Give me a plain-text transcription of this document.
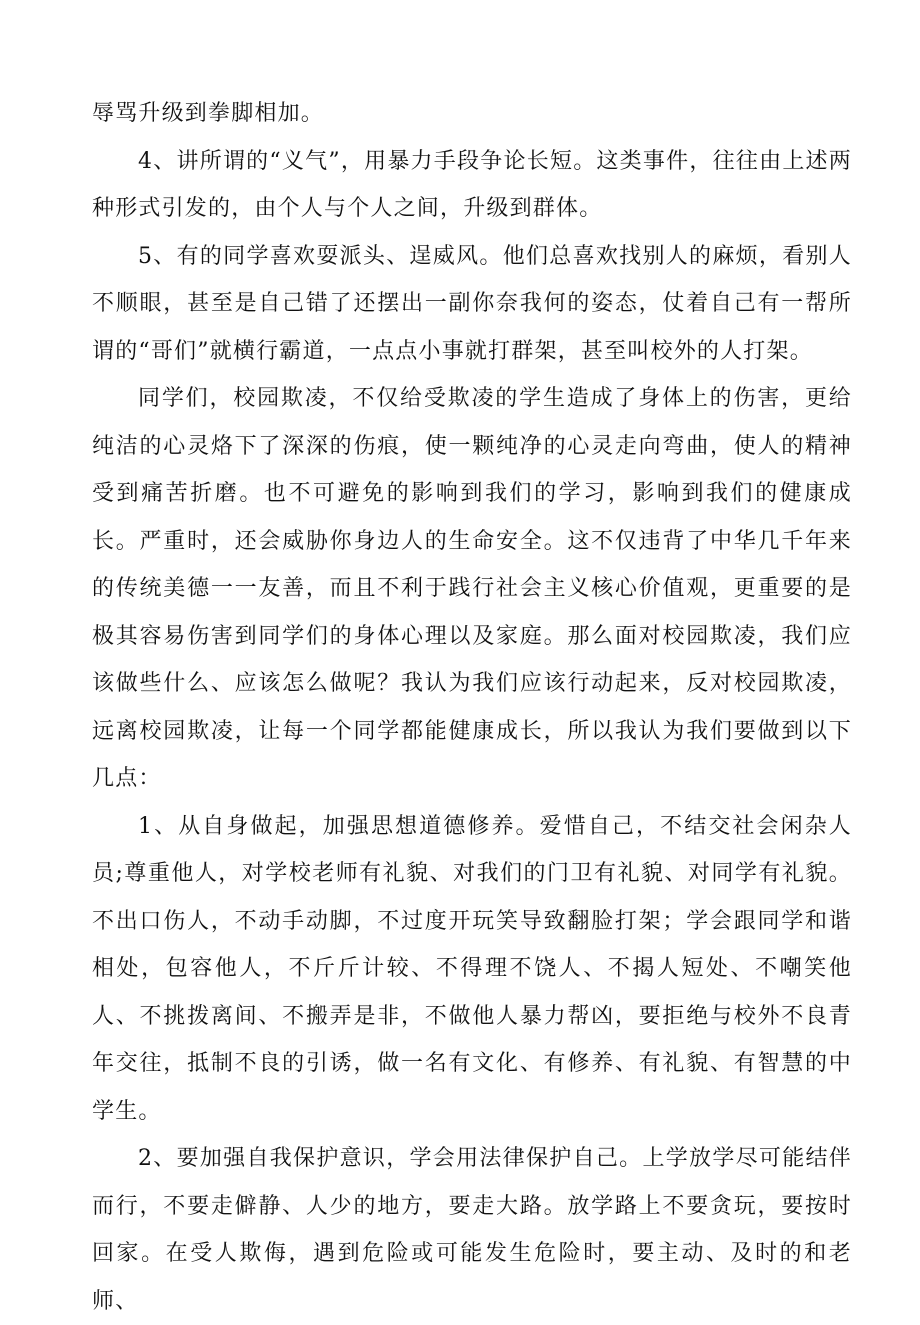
辱骂升级到拳脚相加。

4、讲所谓的“义气”，用暴力手段争论长短。这类事件，往往由上述两种形式引发的，由个人与个人之间，升级到群体。

5、有的同学喜欢耍派头、逞威风。他们总喜欢找别人的麻烦，看别人不顺眼，甚至是自己错了还摆出一副你奈我何的姿态，仗着自己有一帮所谓的“哥们”就横行霸道，一点点小事就打群架，甚至叫校外的人打架。

同学们，校园欺凌，不仅给受欺凌的学生造成了身体上的伤害，更给纯洁的心灵烙下了深深的伤痕，使一颗纯净的心灵走向弯曲，使人的精神受到痛苦折磨。也不可避免的影响到我们的学习，影响到我们的健康成长。严重时，还会威胁你身边人的生命安全。这不仅违背了中华几千年来的传统美德一一友善，而且不利于践行社会主义核心价值观，更重要的是极其容易伤害到同学们的身体心理以及家庭。那么面对校园欺凌，我们应该做些什么、应该怎么做呢？我认为我们应该行动起来，反对校园欺凌，远离校园欺凌，让每一个同学都能健康成长，所以我认为我们要做到以下几点：

1、从自身做起，加强思想道德修养。爱惜自己，不结交社会闲杂人员;尊重他人，对学校老师有礼貌、对我们的门卫有礼貌、对同学有礼貌。不出口伤人，不动手动脚，不过度开玩笑导致翻脸打架；学会跟同学和谐相处，包容他人，不斤斤计较、不得理不饶人、不揭人短处、不嘲笑他人、不挑拨离间、不搬弄是非，不做他人暴力帮凶，要拒绝与校外不良青年交往，抵制不良的引诱，做一名有文化、有修养、有礼貌、有智慧的中学生。

2、要加强自我保护意识，学会用法律保护自己。上学放学尽可能结伴而行，不要走僻静、人少的地方，要走大路。放学路上不要贪玩，要按时回家。在受人欺侮，遇到危险或可能发生危险时，要主动、及时的和老师、
